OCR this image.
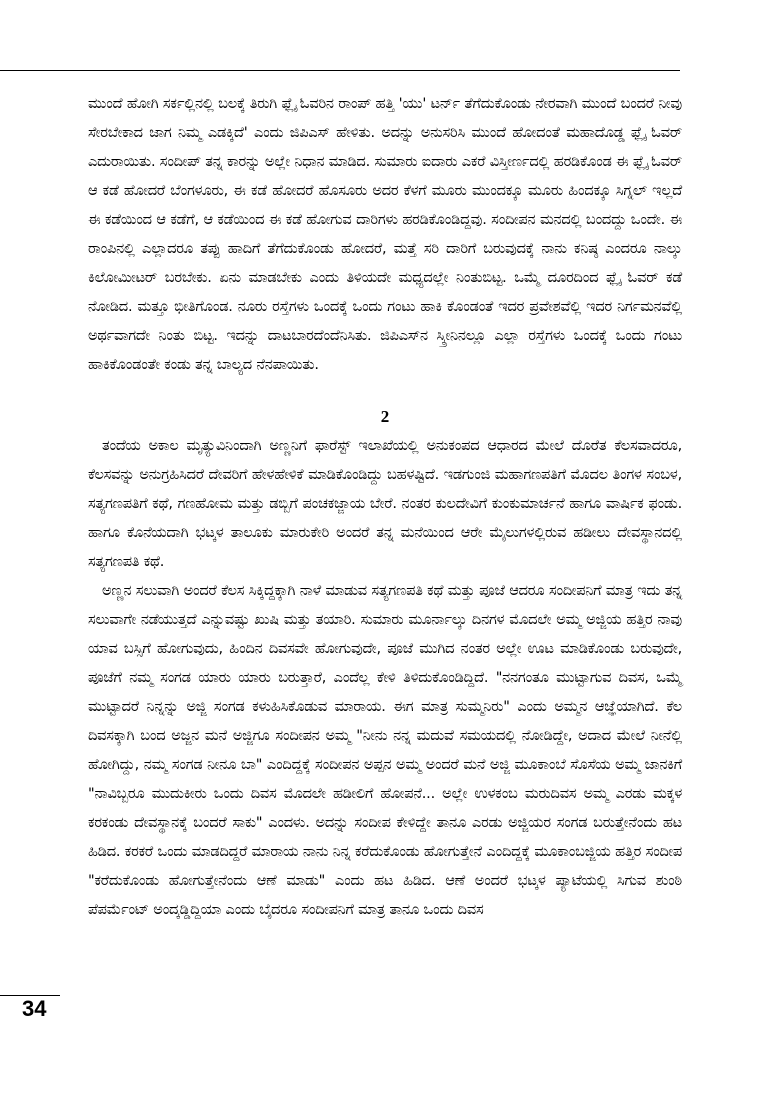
ಮುಂದೆ ಹೋಗಿ ಸರ್ಕಲ್ಲಿನಲ್ಲಿ ಬಲಕ್ಕೆ ತಿರುಗಿ ಫ್ಲೈ ಓವರಿನ ರಾಂಪ್ ಹತ್ತಿ 'ಯು' ಟರ್ನ್ ತೆಗೆದುಕೊಂಡು ನೇರವಾಗಿ ಮುಂದೆ ಬಂದರೆ ನೀವು ಸೇರಬೇಕಾದ ಜಾಗ ನಿಮ್ಮ ಎಡಕ್ಕಿದೆ' ಎಂದು ಜಿಪಿಎಸ್ ಹೇಳಿತು. ಅದನ್ನು ಅನುಸರಿಸಿ ಮುಂದೆ ಹೋದಂತೆ ಮಹಾದೊಡ್ಡ ಫ್ಲೈ ಓವರ್ ಎದುರಾಯಿತು. ಸಂದೀಪ್ ತನ್ನ ಕಾರನ್ನು ಅಲ್ಲೇ ನಿಧಾನ ಮಾಡಿದ. ಸುಮಾರು ಐದಾರು ಎಕರೆ ವಿಸ್ತೀರ್ಣದಲ್ಲಿ ಹರಡಿಕೊಂಡ ಈ ಫ್ಲೈ ಓವರ್ ಆ ಕಡೆ ಹೋದರೆ ಬೆಂಗಳೂರು, ಈ ಕಡೆ ಹೋದರೆ ಹೊಸೂರು ಅದರ ಕೆಳಗೆ ಮೂರು ಮುಂದಕ್ಕೂ ಮೂರು ಹಿಂದಕ್ಕೂ ಸಿಗ್ನಲ್ ಇಲ್ಲದೆ ಈ ಕಡೆಯಿಂದ ಆ ಕಡೆಗೆ, ಆ ಕಡೆಯಿಂದ ಈ ಕಡೆ ಹೋಗುವ ದಾರಿಗಳು ಹರಡಿಕೊಂಡಿದ್ದವು. ಸಂದೀಪನ ಮನದಲ್ಲಿ ಬಂದದ್ದು ಒಂದೇ. ಈ ರಾಂಪಿನಲ್ಲಿ ಎಲ್ಲಾದರೂ ತಪ್ಪು ಹಾದಿಗೆ ತೆಗೆದುಕೊಂಡು ಹೋದರೆ, ಮತ್ತೆ ಸರಿ ದಾರಿಗೆ ಬರುವುದಕ್ಕೆ ನಾನು ಕನಿಷ್ಠ ಎಂದರೂ ನಾಲ್ಕು ಕಿಲೋಮೀಟರ್ ಬರಬೇಕು. ಏನು ಮಾಡಬೇಕು ಎಂದು ತಿಳಿಯದೇ ಮಧ್ಯದಲ್ಲೇ ನಿಂತುಬಿಟ್ಟ. ಒಮ್ಮೆ ದೂರದಿಂದ ಫ್ಲೈ ಓವರ್ ಕಡೆ ನೋಡಿದ. ಮತ್ತೂ ಭೀತಿಗೊಂಡ. ನೂರು ರಸ್ತೆಗಳು ಒಂದಕ್ಕೆ ಒಂದು ಗಂಟು ಹಾಕಿ ಕೊಂಡಂತೆ ಇದರ ಪ್ರವೇಶವೆಲ್ಲಿ ಇದರ ನಿರ್ಗಮನವೆಲ್ಲಿ ಅರ್ಥವಾಗದೇ ನಿಂತು ಬಿಟ್ಟ. ಇದನ್ನು ದಾಟಬಾರದೆಂದೆನಿಸಿತು. ಜಿಪಿಎಸ್‌ನ ಸ್ಕ್ರೀನಿನಲ್ಲೂ ಎಲ್ಲಾ ರಸ್ತೆಗಳು ಒಂದಕ್ಕೆ ಒಂದು ಗಂಟು ಹಾಕಿಕೊಂಡಂತೇ ಕಂಡು ತನ್ನ ಬಾಲ್ಯದ ನೆನಪಾಯಿತು.

2

ತಂದೆಯ ಅಕಾಲ ಮೃತ್ಯುವಿನಿಂದಾಗಿ ಅಣ್ಣನಿಗೆ ಫಾರೆಸ್ಟ್ ಇಲಾಖೆಯಲ್ಲಿ ಅನುಕಂಪದ ಆಧಾರದ ಮೇಲೆ ದೊರೆತ ಕೆಲಸವಾದರೂ, ಕೆಲಸವನ್ನು ಅನುಗ್ರಹಿಸಿದರೆ ದೇವರಿಗೆ ಹೇಳಹೇಳಿಕೆ ಮಾಡಿಕೊಂಡಿದ್ದು ಬಹಳಷ್ಟಿದೆ. ಇಡಗುಂಜಿ ಮಹಾಗಣಪತಿಗೆ ಮೊದಲ ತಿಂಗಳ ಸಂಬಳ, ಸತ್ಯಗಣಪತಿಗೆ ಕಥೆ, ಗಣಹೋಮ ಮತ್ತು ಡಬ್ಬಿಗೆ ಪಂಚಕಜ್ಜಾಯ ಬೇರೆ. ನಂತರ ಕುಲದೇವಿಗೆ ಕುಂಕುಮಾರ್ಚನೆ ಹಾಗೂ ವಾರ್ಷಿಕ ಫಂಡು. ಹಾಗೂ ಕೊನೆಯದಾಗಿ ಭಟ್ಕಳ ತಾಲೂಕು ಮಾರುಕೇರಿ ಅಂದರೆ ತನ್ನ ಮನೆಯಿಂದ ಆರೇ ಮೈಲುಗಳಲ್ಲಿರುವ ಹಡೀಲು ದೇವಸ್ಥಾನದಲ್ಲಿ ಸತ್ಯಗಣಪತಿ ಕಥೆ.

ಅಣ್ಣನ ಸಲುವಾಗಿ ಅಂದರೆ ಕೆಲಸ ಸಿಕ್ಕಿದ್ದಕ್ಕಾಗಿ ನಾಳೆ ಮಾಡುವ ಸತ್ಯಗಣಪತಿ ಕಥೆ ಮತ್ತು ಪೂಜೆ ಆದರೂ ಸಂದೀಪನಿಗೆ ಮಾತ್ರ ಇದು ತನ್ನ ಸಲುವಾಗೇ ನಡೆಯುತ್ತದೆ ಎನ್ನುವಷ್ಟು ಖುಷಿ ಮತ್ತು ತಯಾರಿ. ಸುಮಾರು ಮೂರ್ನಾಲ್ಕು ದಿನಗಳ ಮೊದಲೇ ಅಮ್ಮ ಅಜ್ಜಿಯ ಹತ್ತಿರ ನಾವು ಯಾವ ಬಸ್ಸಿಗೆ ಹೋಗುವುದು, ಹಿಂದಿನ ದಿವಸವೇ ಹೋಗುವುದೇ, ಪೂಜೆ ಮುಗಿದ ನಂತರ ಅಲ್ಲೇ ಊಟ ಮಾಡಿಕೊಂಡು ಬರುವುದೇ, ಪೂಜೆಗೆ ನಮ್ಮ ಸಂಗಡ ಯಾರು ಯಾರು ಬರುತ್ತಾರೆ, ಎಂದೆಲ್ಲ ಕೇಳಿ ತಿಳಿದುಕೊಂಡಿದ್ದಿದೆ. "ನನಗಂತೂ ಮುಟ್ಟಾಗುವ ದಿವಸ, ಒಮ್ಮೆ ಮುಟ್ಟಾದರೆ ನಿನ್ನನ್ನು ಅಜ್ಜಿ ಸಂಗಡ ಕಳುಹಿಸಿಕೊಡುವ ಮಾರಾಯ. ಈಗ ಮಾತ್ರ ಸುಮ್ಮನಿರು" ಎಂದು ಅಮ್ಮನ ಆಜ್ಞೆಯಾಗಿದೆ. ಕೆಲ ದಿವಸಕ್ಕಾಗಿ ಬಂದ ಅಜ್ಜನ ಮನೆ ಅಜ್ಜಿಗೂ ಸಂದೀಪನ ಅಮ್ಮ "ನೀನು ನನ್ನ ಮದುವೆ ಸಮಯದಲ್ಲಿ ನೋಡಿದ್ದೇ, ಅದಾದ ಮೇಲೆ ನೀನೆಲ್ಲಿ ಹೋಗಿದ್ದು, ನಮ್ಮ ಸಂಗಡ ನೀನೂ ಬಾ" ಎಂದಿದ್ದಕ್ಕೆ ಸಂದೀಪನ ಅಪ್ಪನ ಅಮ್ಮ ಅಂದರೆ ಮನೆ ಅಜ್ಜಿ ಮೂಕಾಂಬೆ ಸೊಸೆಯ ಅಮ್ಮ ಜಾನಕಿಗೆ "ನಾವಿಬ್ಬರೂ ಮುದುಕೀರು ಒಂದು ದಿವಸ ಮೊದಲೇ ಹಡೀಲಿಗೆ ಹೋಪನೆ... ಅಲ್ಲೇ ಉಳಕಂಬ ಮರುದಿವಸ ಅಮ್ಮ ಎರಡು ಮಕ್ಕಳ ಕರಕಂಡು ದೇವಸ್ಥಾನಕ್ಕೆ ಬಂದರೆ ಸಾಕು" ಎಂದಳು. ಅದನ್ನು ಸಂದೀಪ ಕೇಳಿದ್ದೇ ತಾನೂ ಎರಡು ಅಜ್ಜಿಯರ ಸಂಗಡ ಬರುತ್ತೇನೆಂದು ಹಟ ಹಿಡಿದ. ಕರಕರೆ ಒಂದು ಮಾಡದಿದ್ದರೆ ಮಾರಾಯ ನಾನು ನಿನ್ನ ಕರೆದುಕೊಂಡು ಹೋಗುತ್ತೇನೆ ಎಂದಿದ್ದಕ್ಕೆ ಮೂಕಾಂಬಜ್ಜಿಯ ಹತ್ತಿರ ಸಂದೀಪ "ಕರೆದುಕೊಂಡು ಹೋಗುತ್ತೇನೆಂದು ಆಣೆ ಮಾಡು" ಎಂದು ಹಟ ಹಿಡಿದ. ಆಣೆ ಅಂದರೆ ಭಟ್ಕಳ ಪ್ಯಾಟೆಯಲ್ಲಿ ಸಿಗುವ ಶುಂಠಿ ಪೆಪರ್ಮೆಂಟ್ ಅಂದ್ಕಡ್ಡಿದ್ದಿಯಾ ಎಂದು ಬೈದರೂ ಸಂದೀಪನಿಗೆ ಮಾತ್ರ ತಾನೂ ಒಂದು ದಿವಸ

34
